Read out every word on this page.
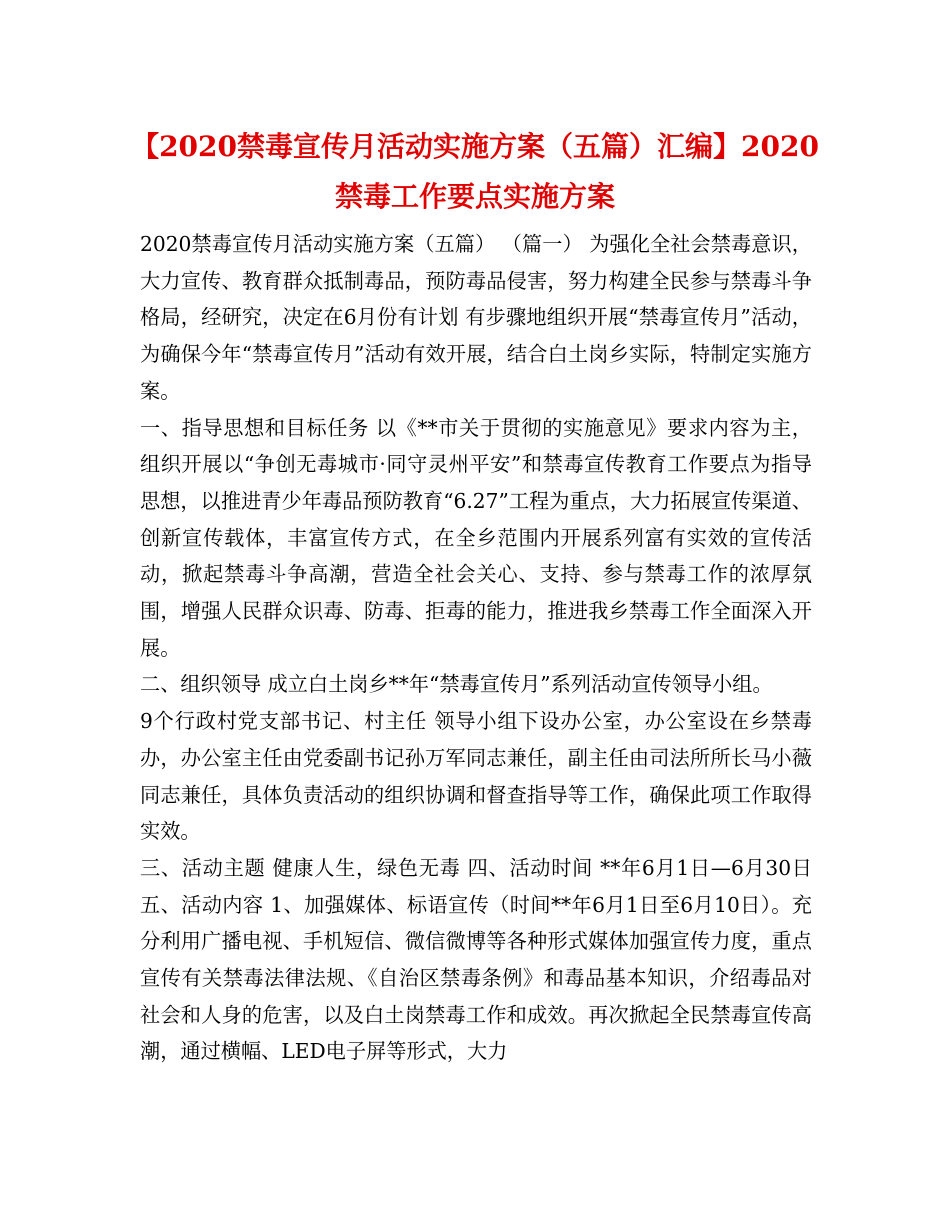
【2020禁毒宣传月活动实施方案（五篇）汇编】2020禁毒工作要点实施方案

2020禁毒宣传月活动实施方案（五篇） （篇一） 为强化全社会禁毒意识，大力宣传、教育群众抵制毒品，预防毒品侵害，努力构建全民参与禁毒斗争格局，经研究，决定在6月份有计划 有步骤地组织开展“禁毒宣传月”活动，为确保今年“禁毒宣传月”活动有效开展，结合白土岗乡实际，特制定实施方案。

一、指导思想和目标任务 以《**市关于贯彻的实施意见》要求内容为主，组织开展以“争创无毒城市·同守灵州平安”和禁毒宣传教育工作要点为指导思想，以推进青少年毒品预防教育“6.27”工程为重点，大力拓展宣传渠道、创新宣传载体，丰富宣传方式，在全乡范围内开展系列富有实效的宣传活动，掀起禁毒斗争高潮，营造全社会关心、支持、参与禁毒工作的浓厚氛围，增强人民群众识毒、防毒、拒毒的能力，推进我乡禁毒工作全面深入开展。

二、组织领导 成立白土岗乡**年“禁毒宣传月”系列活动宣传领导小组。

9个行政村党支部书记、村主任 领导小组下设办公室，办公室设在乡禁毒办，办公室主任由党委副书记孙万军同志兼任，副主任由司法所所长马小薇同志兼任，具体负责活动的组织协调和督查指导等工作，确保此项工作取得实效。

三、活动主题 健康人生，绿色无毒 四、活动时间 **年6月1日—6月30日 五、活动内容 1、加强媒体、标语宣传（时间**年6月1日至6月10日）。充分利用广播电视、手机短信、微信微博等各种形式媒体加强宣传力度，重点宣传有关禁毒法律法规、《自治区禁毒条例》和毒品基本知识，介绍毒品对社会和人身的危害，以及白土岗禁毒工作和成效。再次掀起全民禁毒宣传高潮，通过横幅、LED电子屏等形式，大力
